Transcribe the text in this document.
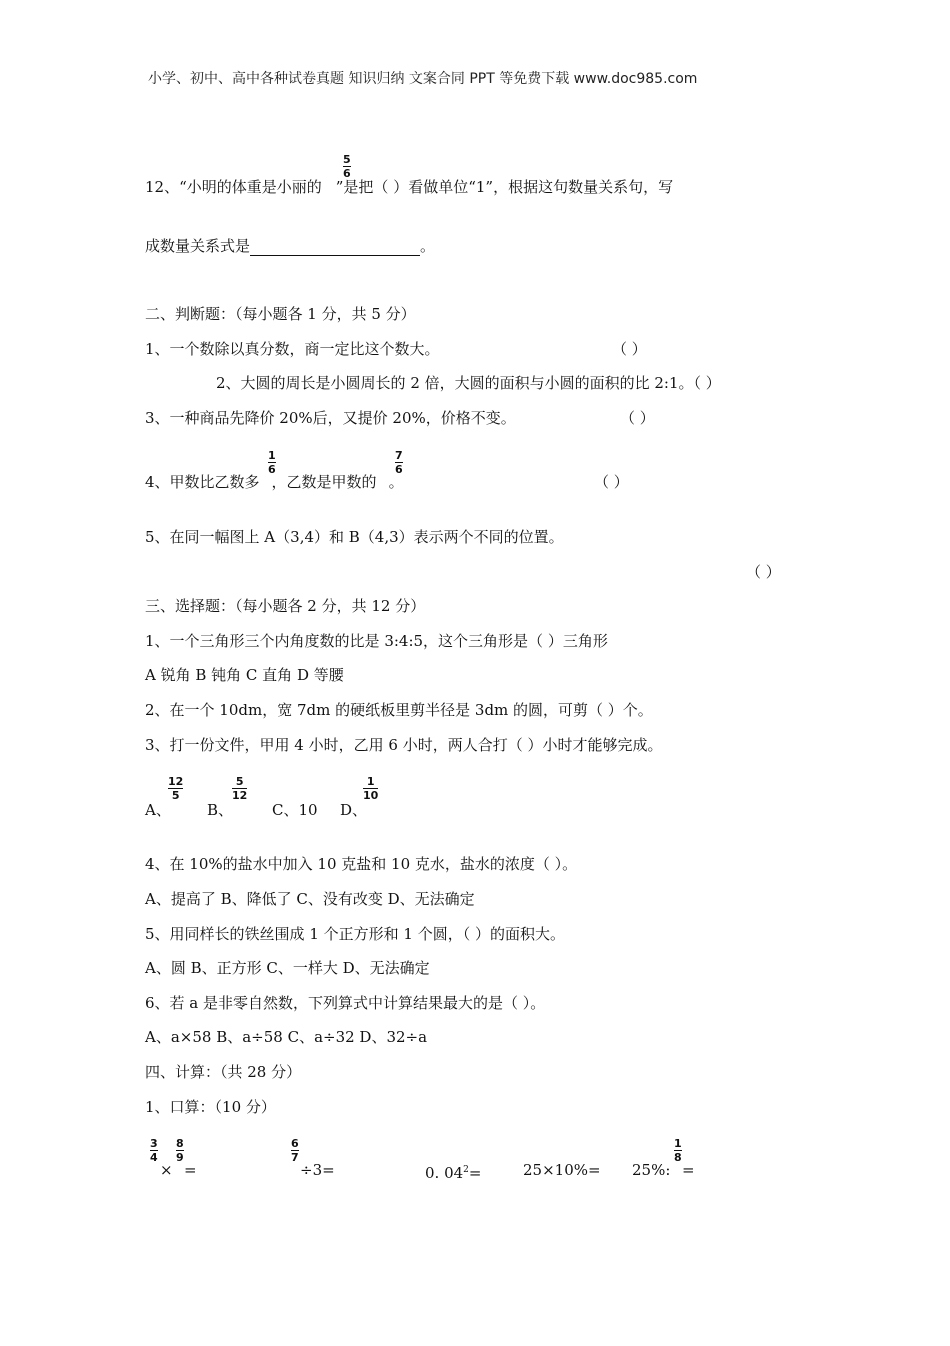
小学、初中、高中各种试卷真题 知识归纳 文案合同 PPT 等免费下载 www.doc985.com
12、“小明的体重是小丽的 ”是把（ ）看做单位“1”，根据这句数量关系句，写
5
6
成数量关系式是	。
二、判断题：（每小题各 1 分，共 5 分）
1、一个数除以真分数，商一定比这个数大。	（ ）
2、大圆的周长是小圆周长的 2 倍，大圆的面积与小圆的面积的比 2:1。（ ）
3、一种商品先降价 20%后，又提价 20%，价格不变。	（ ）
4、甲数比乙数多 ，乙数是甲数的 。
1
6
7
6
（ ）
5、在同一幅图上 A（3,4）和 B（4,3）表示两个不同的位置。
（ ）
三、选择题：（每小题各 2 分，共 12 分）
1、一个三角形三个内角度数的比是 3:4:5，这个三角形是（ ）三角形
A 锐角 B 钝角 C 直角 D 等腰
2、在一个 10dm，宽 7dm 的硬纸板里剪半径是 3dm 的圆，可剪（ ）个。
3、打一份文件，甲用 4 小时，乙用 6 小时，两人合打（ ）小时才能够完成。
A、
12
5
B、
5
12
C、10 D、
1
10
4、在 10%的盐水中加入 10 克盐和 10 克水，盐水的浓度（ ）。
A、提高了 B、降低了 C、没有改变 D、无法确定
5、用同样长的铁丝围成 1 个正方形和 1 个圆，（ ）的面积大。
A、圆 B、正方形 C、一样大 D、无法确定
6、若 a 是非零自然数，下列算式中计算结果最大的是（ ）。
A、a×58 B、a÷58 C、a÷32 D、32÷a
四、计算：（共 28 分）
1、口算：（10 分）
3
4
×
8
9
=
6
7
÷3=	0. $04^2=$	25×10%= 25%:
1
8
=
